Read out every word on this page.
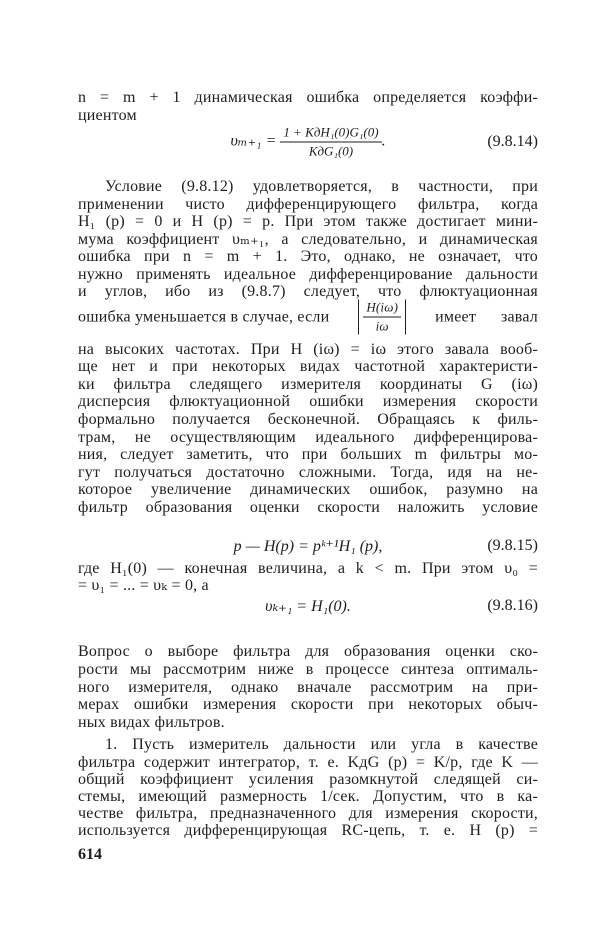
n = m + 1 динамическая ошибка определяется коэффи-
циентом
$\upsilon_{m+1} = \frac{\text{1 + KдH₁(0)G₁(0)}}{\text{KдG₁(0)}}$ .	(9.8.14)
Условие (9.8.12) удовлетворяется, в частности, при
применении чисто дифференцирующего фильтра, когда
H₁ (p) = 0 и H (p) = p. При этом также достигает мини-
мума коэффициент υₘ₊₁, а следовательно, и динамическая
ошибка при n = m + 1. Это, однако, не означает, что
нужно применять идеальное дифференцирование дальности
и углов, ибо из (9.8.7) следует, что флюктуационная
ошибка уменьшается в случае, если	$\frac{H(i\omega)}{i\omega}$ имеет завал
на высоких частотах. При H (iω) = iω этого завала вооб-
ще нет и при некоторых видах частотной характеристи-
ки фильтра следящего измерителя координаты G (iω)
дисперсия флюктуационной ошибки измерения скорости
формально получается бесконечной. Обращаясь к филь-
трам, не осуществляющим идеального дифференцирова-
ния, следует заметить, что при больших m фильтры мо-
гут получаться достаточно сложными. Тогда, идя на не-
которое увеличение динамических ошибок, разумно на
фильтр образования оценки скорости наложить условие
p — H(p) = pᵏ⁺¹H₁ (p),	(9.8.15)
где H₁(0) — конечная величина, а k < m. При этом υ₀ =
= υ₁ = ... = υₖ = 0, а
υₖ₊₁ = H₁(0).	(9.8.16)
Вопрос о выборе фильтра для образования оценки ско-
рости мы рассмотрим ниже в процессе синтеза оптималь-
ного измерителя, однако вначале рассмотрим на при-
мерах ошибки измерения скорости при некоторых обыч-
ных видах фильтров.
1. Пусть измеритель дальности или угла в качестве
фильтра содержит интегратор, т. е. KдG (p) = K/p, где K —
общий коэффициент усиления разомкнутой следящей си-
стемы, имеющий размерность 1/сек. Допустим, что в ка-
честве фильтра, предназначенного для измерения скорости,
используется дифференцирующая RC-цепь, т. е. H (p) =
614
